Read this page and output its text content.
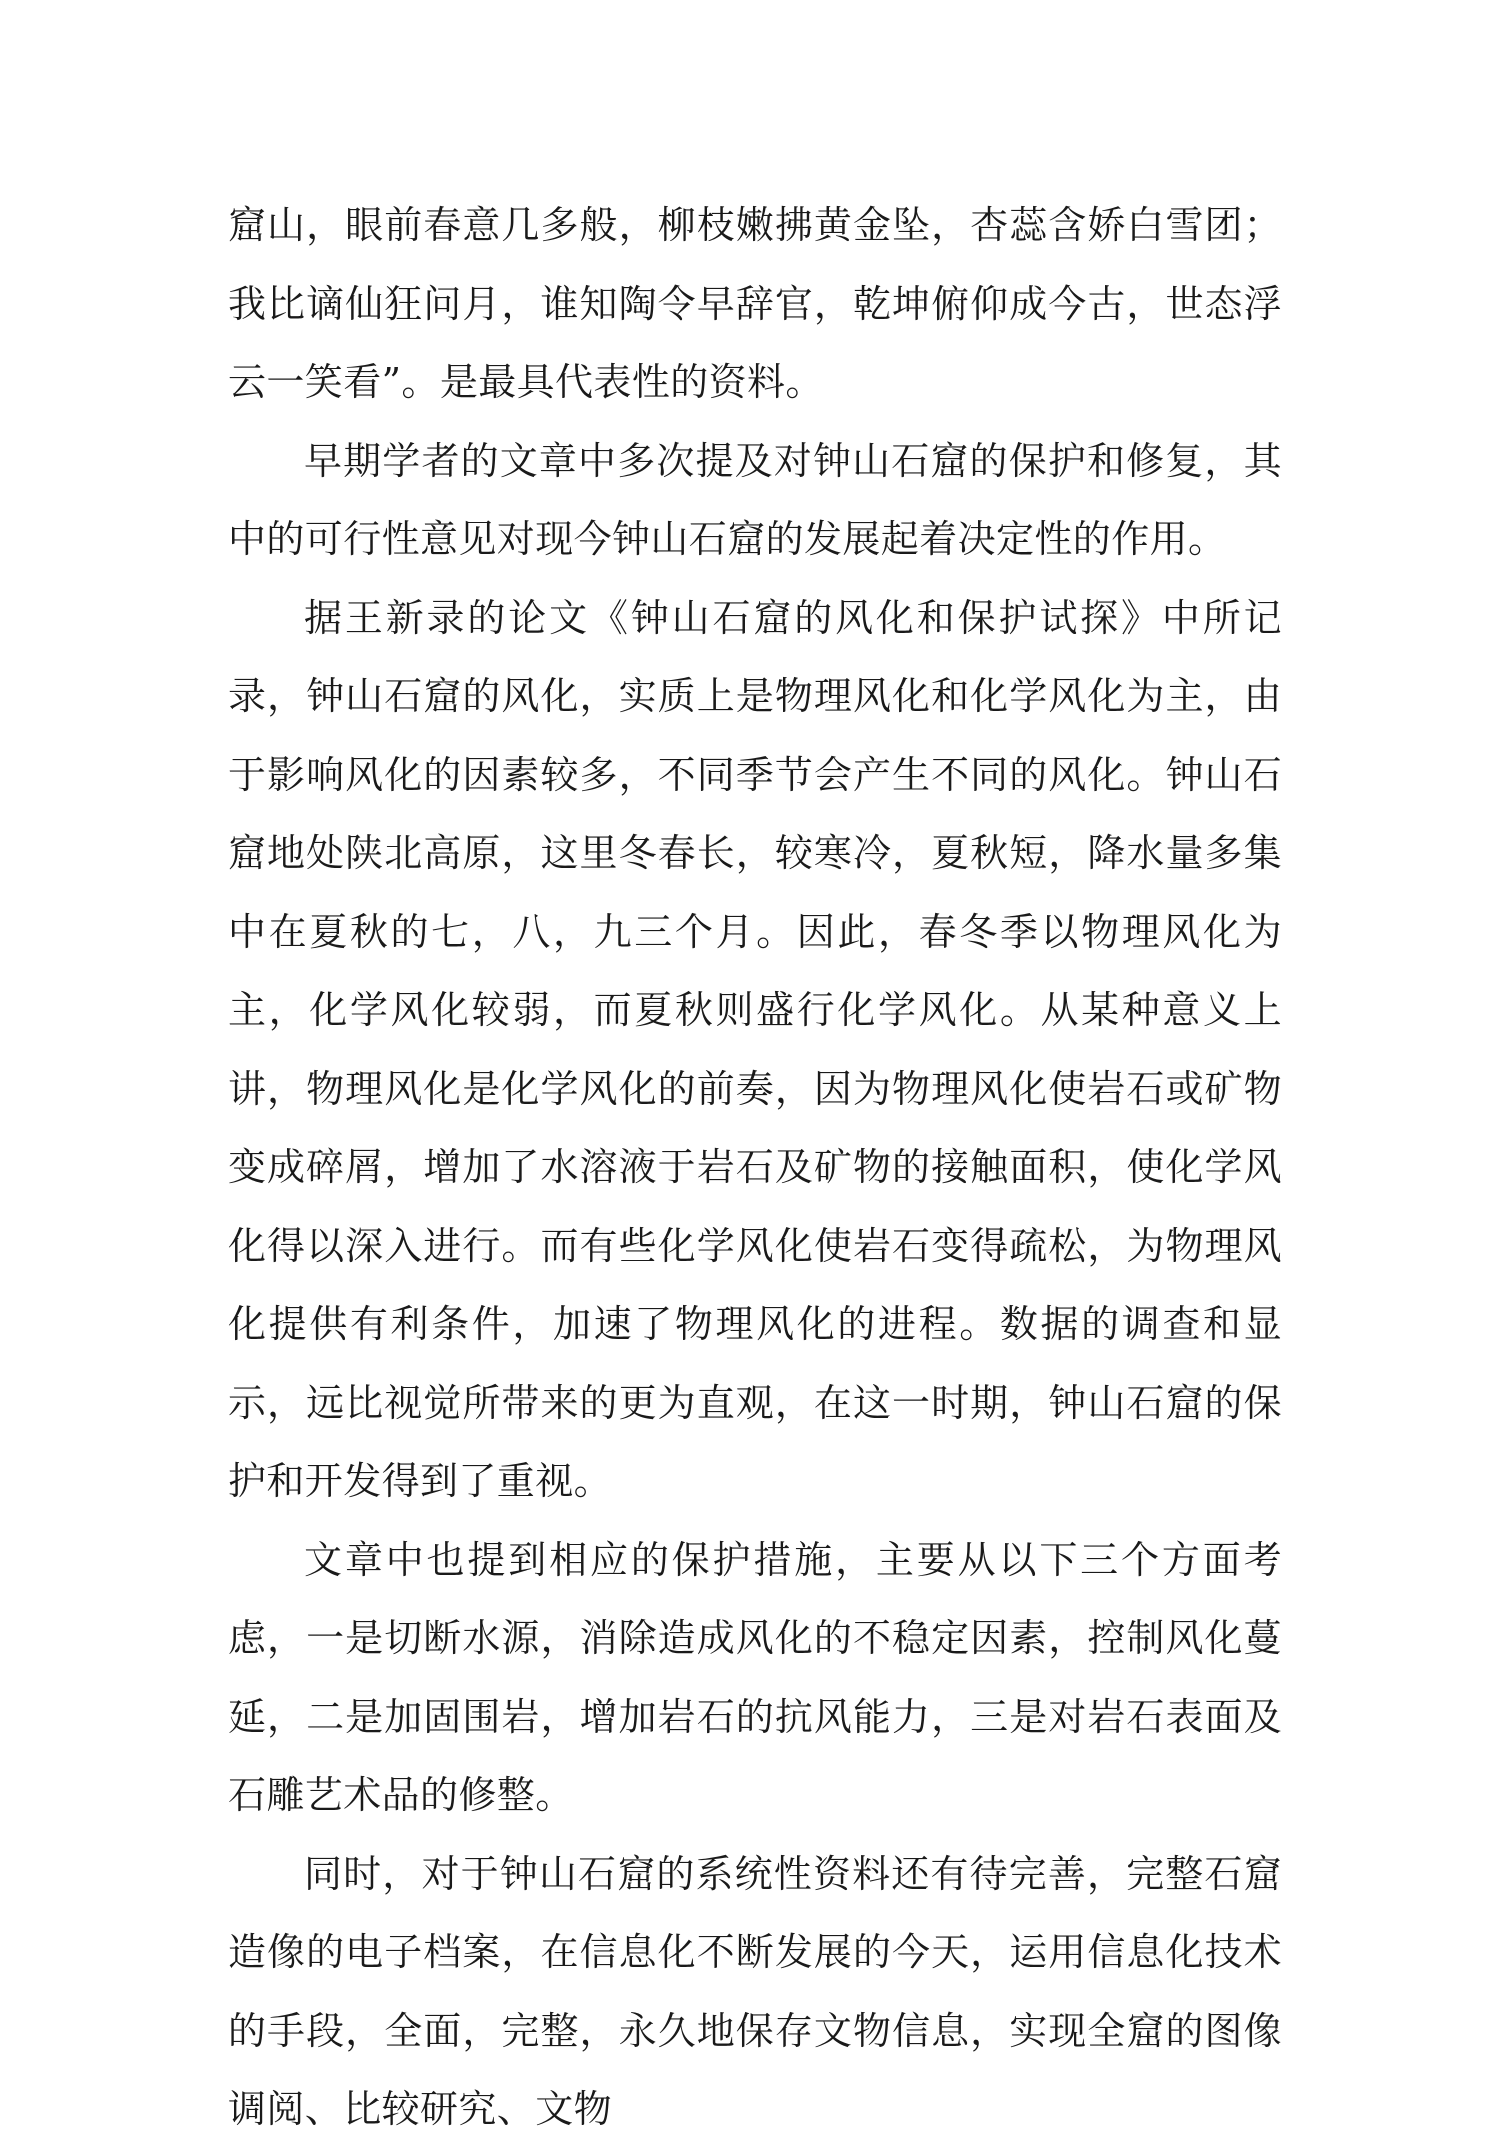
窟山，眼前春意几多般，柳枝嫩拂黄金坠，杏蕊含娇白雪团；我比谪仙狂问月，谁知陶令早辞官，乾坤俯仰成今古，世态浮云一笑看”。是最具代表性的资料。

早期学者的文章中多次提及对钟山石窟的保护和修复，其中的可行性意见对现今钟山石窟的发展起着决定性的作用。

据王新录的论文《钟山石窟的风化和保护试探》中所记录，钟山石窟的风化，实质上是物理风化和化学风化为主，由于影响风化的因素较多，不同季节会产生不同的风化。钟山石窟地处陕北高原，这里冬春长，较寒冷，夏秋短，降水量多集中在夏秋的七，八，九三个月。因此，春冬季以物理风化为主，化学风化较弱，而夏秋则盛行化学风化。从某种意义上讲，物理风化是化学风化的前奏，因为物理风化使岩石或矿物变成碎屑，增加了水溶液于岩石及矿物的接触面积，使化学风化得以深入进行。而有些化学风化使岩石变得疏松，为物理风化提供有利条件，加速了物理风化的进程。数据的调查和显示，远比视觉所带来的更为直观，在这一时期，钟山石窟的保护和开发得到了重视。

文章中也提到相应的保护措施，主要从以下三个方面考虑，一是切断水源，消除造成风化的不稳定因素，控制风化蔓延，二是加固围岩，增加岩石的抗风能力，三是对岩石表面及石雕艺术品的修整。

同时，对于钟山石窟的系统性资料还有待完善，完整石窟造像的电子档案，在信息化不断发展的今天，运用信息化技术的手段，全面，完整，永久地保存文物信息，实现全窟的图像调阅、比较研究、文物
